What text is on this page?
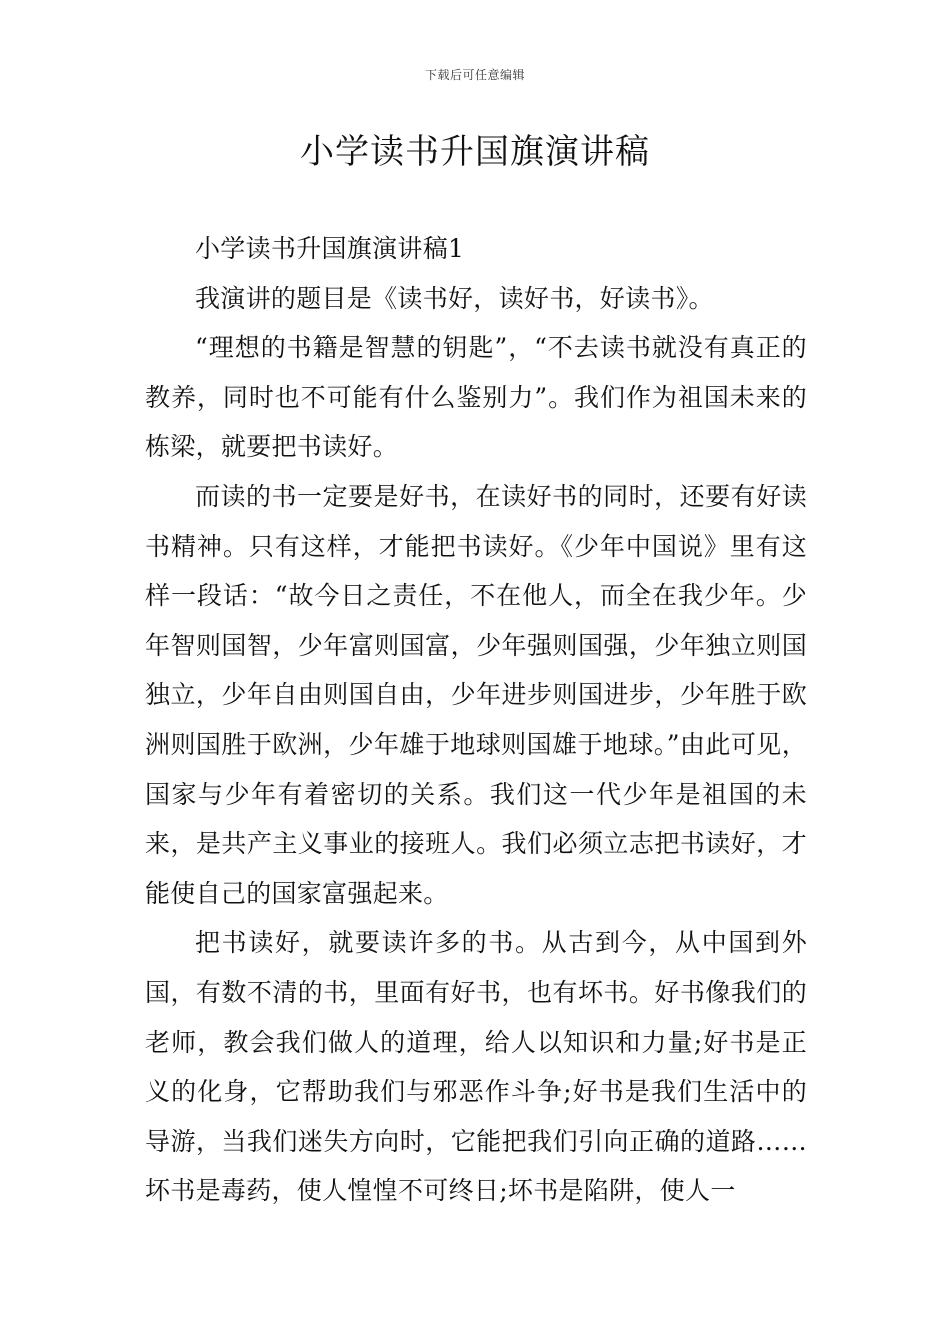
下载后可任意编辑
小学读书升国旗演讲稿

小学读书升国旗演讲稿1

我演讲的题目是《读书好，读好书，好读书》。

“理想的书籍是智慧的钥匙”，“不去读书就没有真正的教养，同时也不可能有什么鉴别力”。我们作为祖国未来的栋梁，就要把书读好。

而读的书一定要是好书，在读好书的同时，还要有好读书精神。只有这样，才能把书读好。《少年中国说》里有这样一段话：“故今日之责任，不在他人，而全在我少年。少年智则国智，少年富则国富，少年强则国强，少年独立则国独立，少年自由则国自由，少年进步则国进步，少年胜于欧洲则国胜于欧洲，少年雄于地球则国雄于地球。”由此可见，国家与少年有着密切的关系。我们这一代少年是祖国的未来，是共产主义事业的接班人。我们必须立志把书读好，才能使自己的国家富强起来。

把书读好，就要读许多的书。从古到今，从中国到外国，有数不清的书，里面有好书，也有坏书。好书像我们的老师，教会我们做人的道理，给人以知识和力量;好书是正义的化身，它帮助我们与邪恶作斗争;好书是我们生活中的导游，当我们迷失方向时，它能把我们引向正确的道路……坏书是毒药，使人惶惶不可终日;坏书是陷阱，使人一
